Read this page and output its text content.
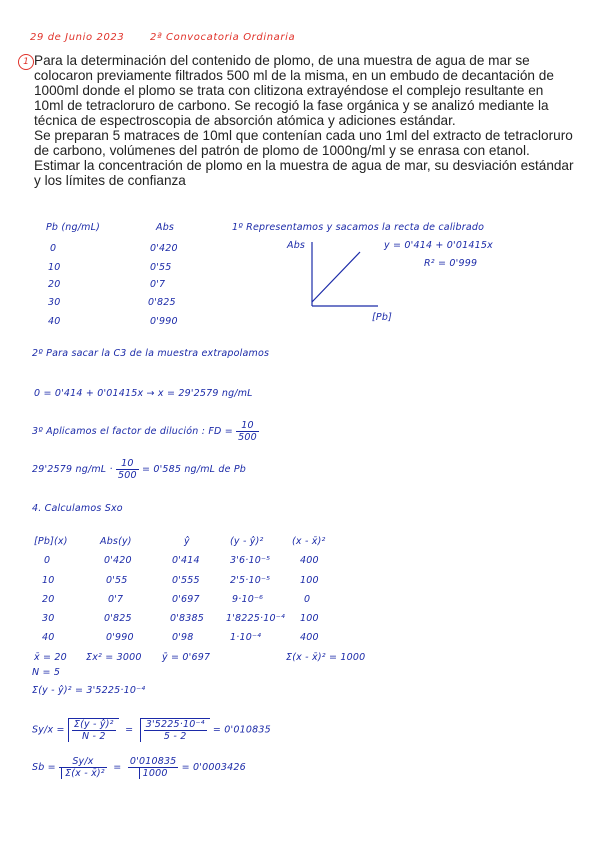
29 de Junio 2023	2ª Convocatoria Ordinaria
1 Para la determinación del contenido de plomo, de una muestra de agua de mar se colocaron previamente filtrados 500 ml de la misma, en un embudo de decantación de 1000ml donde el plomo se trata con clitizona extrayéndose el complejo resultante en 10ml de tetracloruro de carbono. Se recogió la fase orgánica y se analizó mediante la técnica de espectroscopia de absorción atómica y adiciones estándar.

Se preparan 5 matraces de 10ml que contenían cada uno 1ml del extracto de tetracloruro de carbono, volúmenes del patrón de plomo de 1000ng/ml y se enrasa con etanol.

Estimar la concentración de plomo en la muestra de agua de mar, su desviación estándar y los límites de confianza

Pb (ng/mL)	Abs
0	0'420
10	0'55
20	0'7
30	0'825
40	0'990
1º Representamos y sacamos la recta de calibrado
Abs
[Pb]
y = 0'414 + 0'01415x
R² = 0'999
2º Para sacar la C3 de la muestra extrapolamos
0 = 0'414 + 0'01415x → x = 29'2579 ng/mL
3º Aplicamos el factor de dilución : FD = $\frac{10}{500}$
29'2579 $ng/mL \cdot \frac{10}{500} = 0'585$ ng/mL de Pb
4. Calculamos Sxo
[Pb](x)	Abs(y)	ŷ	(y - ŷ)²	(x - x̄)²
0	0'420	0'414	3'6·10⁻⁵	400
10	0'55	0'555	2'5·10⁻⁵	100
20	0'7	0'697	9·10⁻⁶	0
30	0'825	0'8385 1'8225·10⁻⁴ 100
40	0'990	0'98	1·10⁻⁴	400
x̄ = 20 Σx² = 3000 ȳ = 0'697	Σ(x - x̄)² = 1000
N = 5
Σ(y - ŷ)² = 3'5225·10⁻⁴
$Sy/x = \frac{\text{Σ(y - ŷ)²}}{N - 2} = \frac{\text{3'5225·10⁻⁴}}{5 - 2} = 0'010835$
$Sb = \frac{Sy/x}{\text{Σ(x - x̄)²}} = \frac{0'010835}{1000} = 0'0003426$
